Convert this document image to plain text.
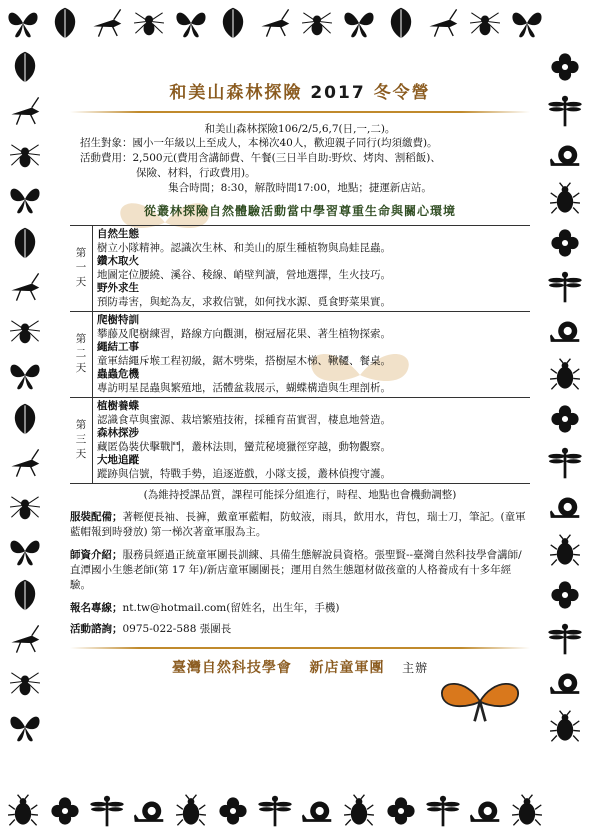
和美山森林探險 2017 冬令營
和美山森林探險106/2/5,6,7(日,一,二)。
招生對象： 國小一年級以上至成人，本梯次40人，歡迎親子同行(均須繳費)。
活動費用： 2,500元(費用含講師費、午餐(三日半自助:野炊、烤肉、割稻飯)、
保險、材料，行政費用)。
集合時間；8:30，解散時間17:00，地點；捷運新店站。
從叢林探險自然體驗活動當中學習尊重生命與關心環境
第一天
自然生態
樹立小隊精神。認識次生林、和美山的原生種植物與鳥蛙昆蟲。
鑽木取火
地圖定位腰繞、溪谷、稜線、峭壁判讀，營地選擇，生火技巧。
野外求生
預防毒害，與蛇為友，求救信號，如何找水源、覓食野菜果實。
第二天
爬樹特訓
攀藤及爬樹練習，路線方向觀測，樹冠層花果、著生植物探索。
繩結工事
童軍結繩斥堠工程初級，鋸木劈柴，搭樹屋木梯、鞦韆、餐桌。
蟲蟲危機
專訪明星昆蟲與繁殖地，活體盆栽展示，蝴蝶構造與生理剖析。
第三天
植樹養蝶
認識食草與蜜源、栽培繁殖技術，採種育苗實習，棲息地營造。
森林探涉
藏匿偽裝伏擊戰鬥，叢林法則，蠻荒秘境獵徑穿越，動物觀察。
大地追蹤
蹤跡與信號，特戰手勢，追逐遊戲，小隊支援，叢林偵搜守護。
(為維持授課品質，課程可能採分組進行，時程、地點也會機動調整)
服裝配備；著輕便長袖、長褲，戴童軍藍帽，防蚊液，雨具，飲用水，背包，瑞士刀，筆記。(童軍藍帽報到時發放) 第一梯次著童軍服為主。
師資介紹；服務員經過正統童軍團長訓練、具備生態解說員資格。張聖賢--臺灣自然科技學會講師/直潭國小生態老師(第 17 年)/新店童軍團團長；運用自然生態題材做孩童的人格養成有十多年經驗。
報名專線；nt.tw@hotmail.com(留姓名，出生年，手機)
活動諮詢；0975-022-588 張團長
臺灣自然科技學會 新店童軍團 主辦
